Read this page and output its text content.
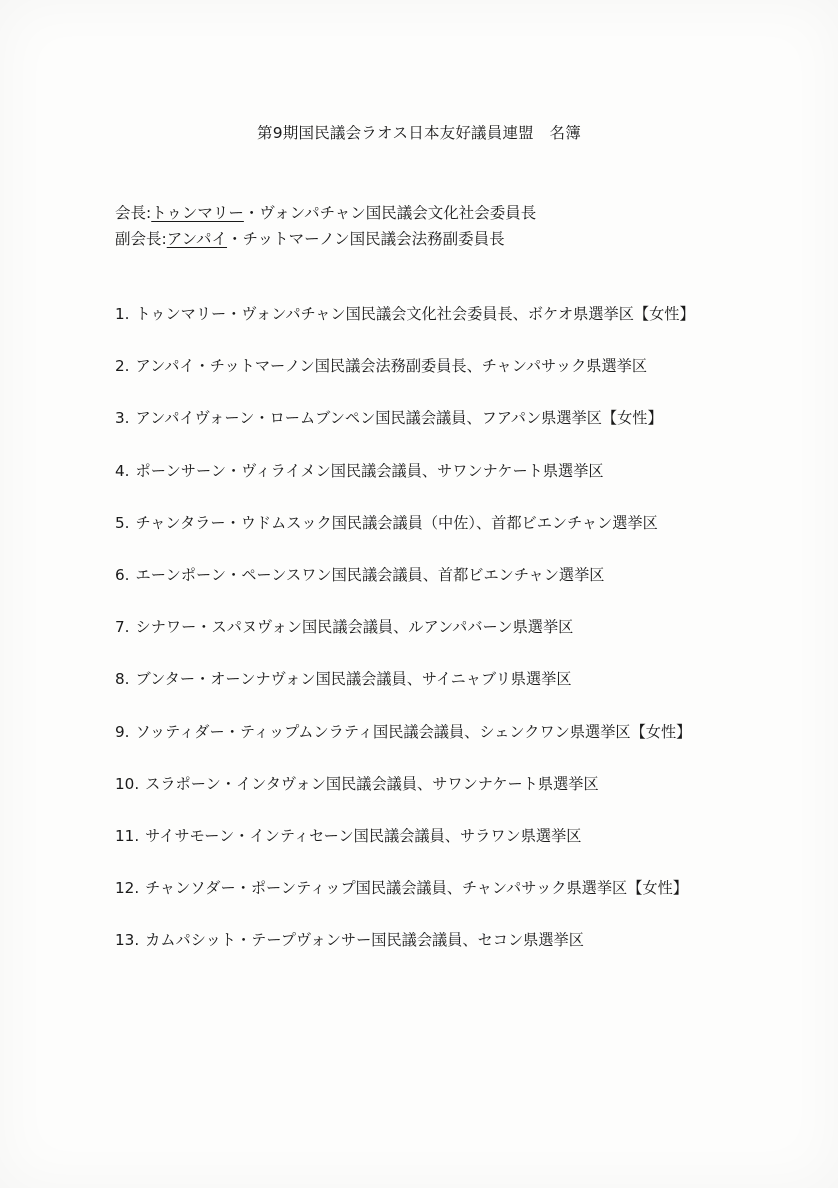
第9期国民議会ラオス日本友好議員連盟　名簿
会長:トゥンマリー・ヴォンパチャン国民議会文化社会委員長
副会長:アンパイ・チットマーノン国民議会法務副委員長
1. トゥンマリー・ヴォンパチャン国民議会文化社会委員長、ボケオ県選挙区【女性】
2. アンパイ・チットマーノン国民議会法務副委員長、チャンパサック県選挙区
3. アンパイヴォーン・ロームブンペン国民議会議員、フアパン県選挙区【女性】
4. ポーンサーン・ヴィライメン国民議会議員、サワンナケート県選挙区
5. チャンタラー・ウドムスック国民議会議員（中佐）、首都ビエンチャン選挙区
6. エーンポーン・ペーンスワン国民議会議員、首都ビエンチャン選挙区
7. シナワー・スパヌヴォン国民議会議員、ルアンパバーン県選挙区
8. ブンター・オーンナヴォン国民議会議員、サイニャブリ県選挙区
9. ソッティダー・ティップムンラティ国民議会議員、シェンクワン県選挙区【女性】
10. スラポーン・インタヴォン国民議会議員、サワンナケート県選挙区
11. サイサモーン・インティセーン国民議会議員、サラワン県選挙区
12. チャンソダー・ポーンティップ国民議会議員、チャンパサック県選挙区【女性】
13. カムパシット・テープヴォンサー国民議会議員、セコン県選挙区
